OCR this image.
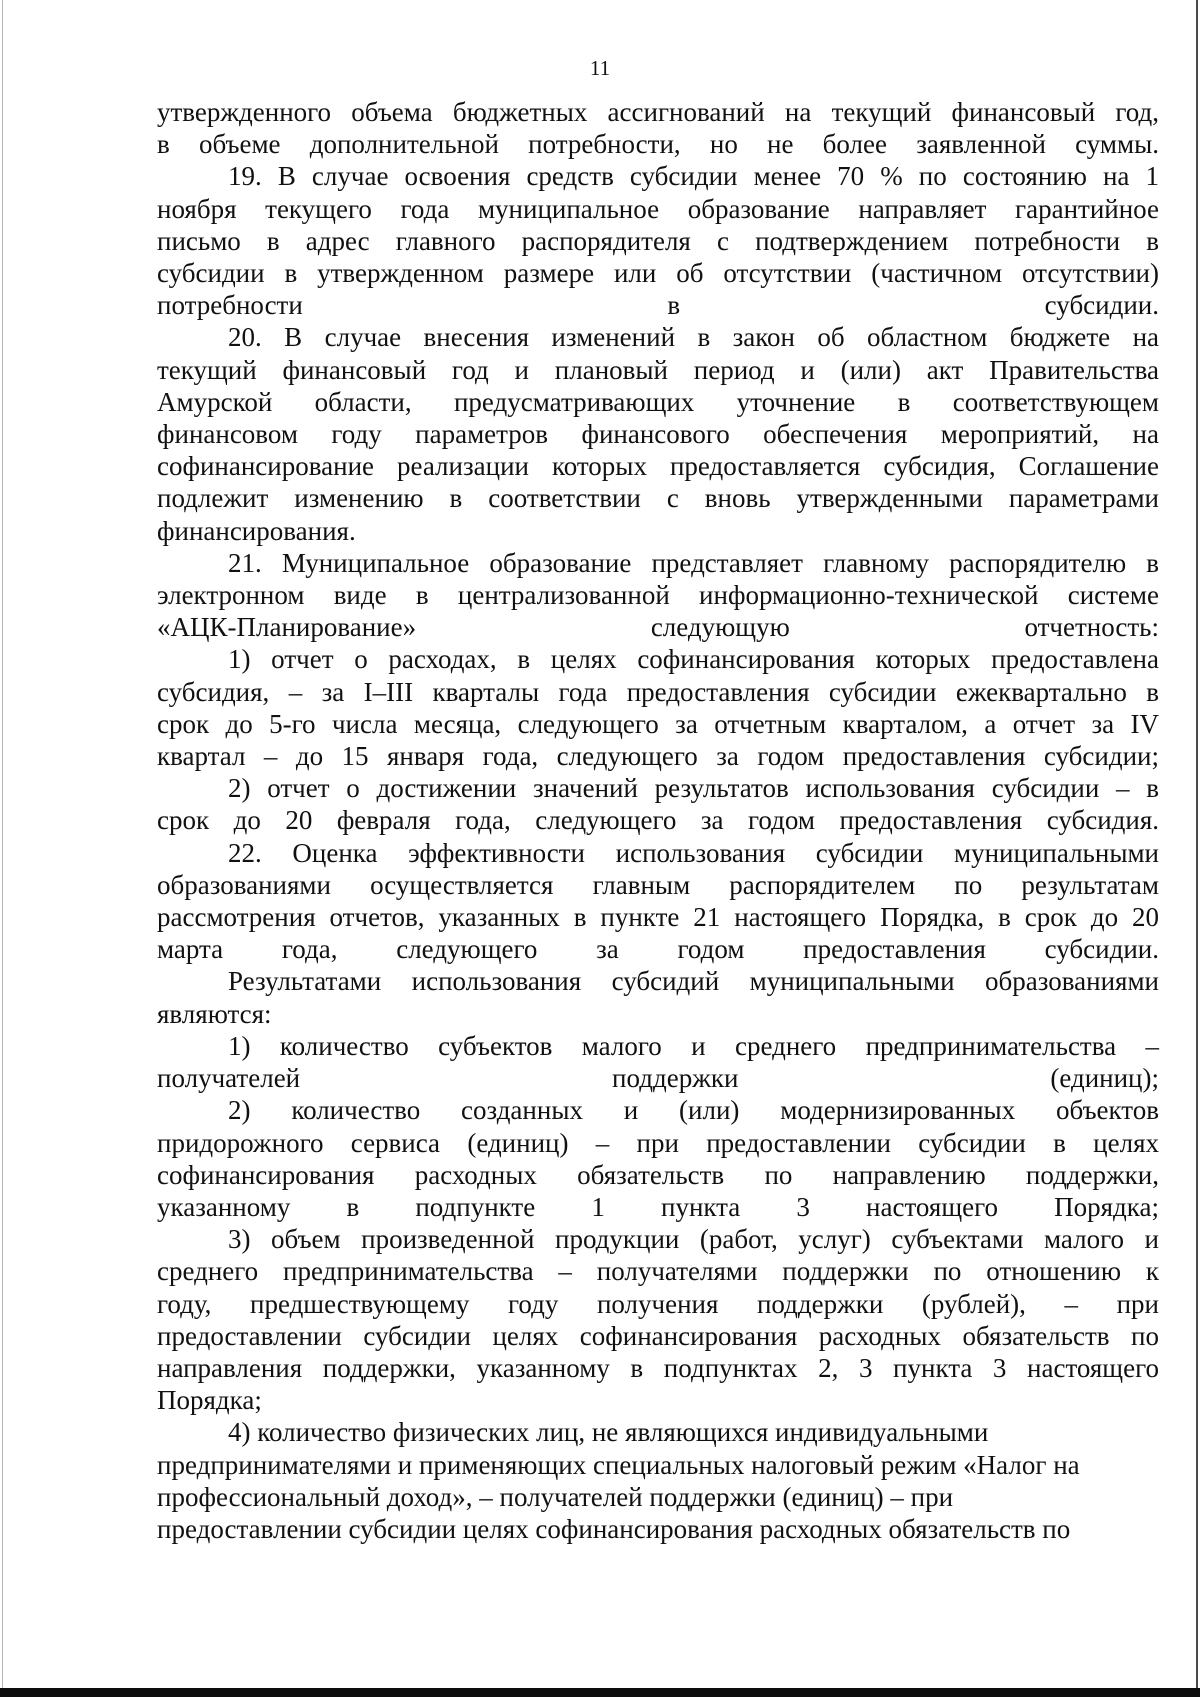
11

утвержденного объема бюджетных ассигнований на текущий финансовый год,
в объеме дополнительной потребности, но не более заявленной суммы.

19. В случае освоения средств субсидии менее 70 % по состоянию на 1
ноября текущего года муниципальное образование направляет гарантийное
письмо в адрес главного распорядителя с подтверждением потребности в
субсидии в утвержденном размере или об отсутствии (частичном отсутствии)
потребности в субсидии.

20. В случае внесения изменений в закон об областном бюджете на
текущий финансовый год и плановый период и (или) акт Правительства
Амурской области, предусматривающих уточнение в соответствующем
финансовом году параметров финансового обеспечения мероприятий, на
софинансирование реализации которых предоставляется субсидия, Соглашение
подлежит изменению в соответствии с вновь утвержденными параметрами
финансирования.

21. Муниципальное образование представляет главному распорядителю в
электронном виде в централизованной информационно-технической системе
«АЦК-Планирование» следующую отчетность:

1) отчет о расходах, в целях софинансирования которых предоставлена
субсидия, – за I–III кварталы года предоставления субсидии ежеквартально в
срок до 5-го числа месяца, следующего за отчетным кварталом, а отчет за IV
квартал – до 15 января года, следующего за годом предоставления субсидии;

2) отчет о достижении значений результатов использования субсидии – в
срок до 20 февраля года, следующего за годом предоставления субсидия.

22. Оценка эффективности использования субсидии муниципальными
образованиями осуществляется главным распорядителем по результатам
рассмотрения отчетов, указанных в пункте 21 настоящего Порядка, в срок до 20
марта года, следующего за годом предоставления субсидии.

Результатами использования субсидий муниципальными образованиями
являются:

1) количество субъектов малого и среднего предпринимательства –
получателей поддержки (единиц);

2) количество созданных и (или) модернизированных объектов
придорожного сервиса (единиц) – при предоставлении субсидии в целях
софинансирования расходных обязательств по направлению поддержки,
указанному в подпункте 1 пункта 3 настоящего Порядка;

3) объем произведенной продукции (работ, услуг) субъектами малого и
среднего предпринимательства – получателями поддержки по отношению к
году, предшествующему году получения поддержки (рублей), – при
предоставлении субсидии целях софинансирования расходных обязательств по
направления поддержки, указанному в подпунктах 2, 3 пункта 3 настоящего
Порядка;

4) количество физических лиц, не являющихся индивидуальными
предпринимателями и применяющих специальных налоговый режим «Налог на
профессиональный доход», – получателей поддержки (единиц) – при
предоставлении субсидии целях софинансирования расходных обязательств по
